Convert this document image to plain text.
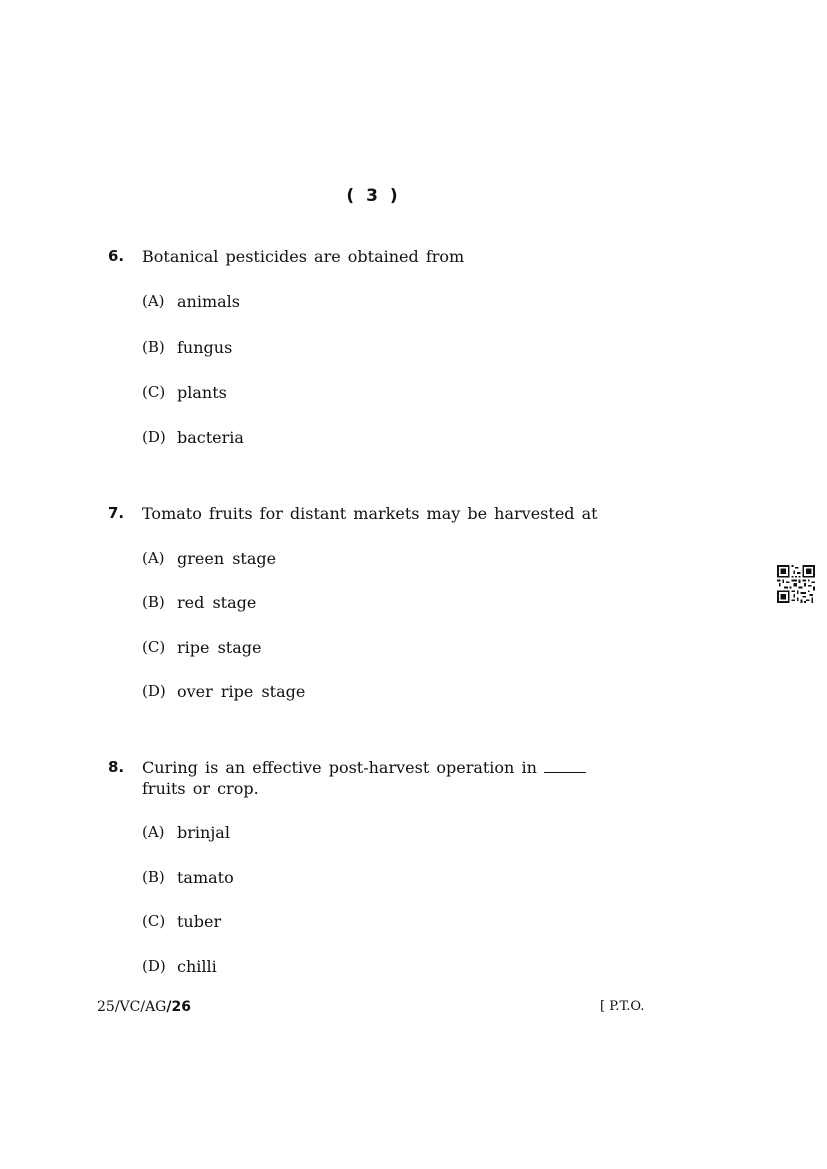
( 3 )
6.	Botanical pesticides are obtained from
(A) animals
(B) fungus
(C) plants
(D) bacteria
7.	Tomato fruits for distant markets may be harvested at
(A) green stage
(B) red stage
(C) ripe stage
(D) over ripe stage
8.	Curing is an effective post-harvest operation in
fruits or crop.
(A) brinjal
(B) tamato
(C) tuber
(D) chilli
25/VC/AG/26	[ P.T.O.
